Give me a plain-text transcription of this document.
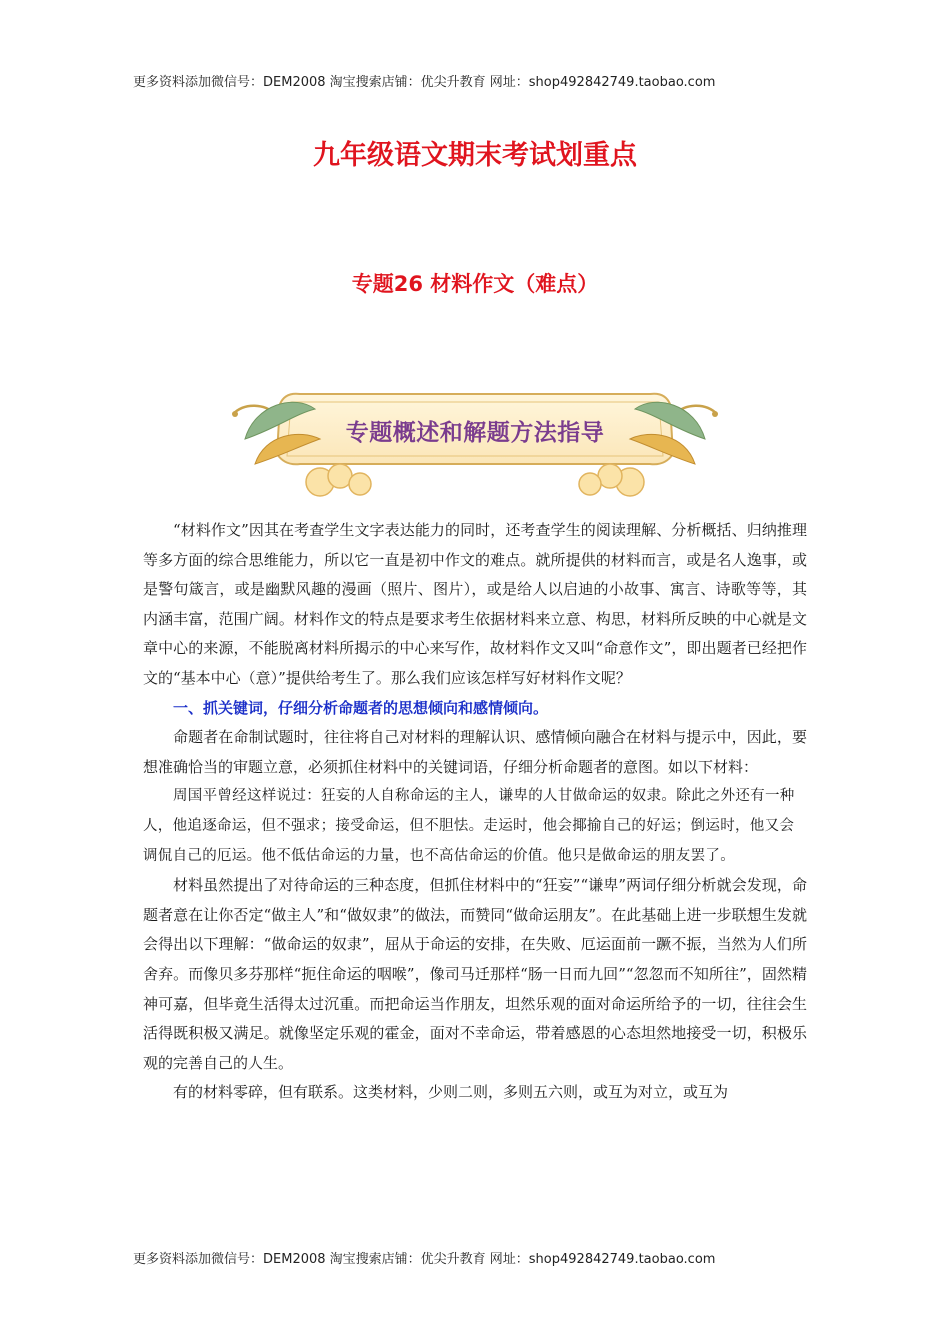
更多资料添加微信号：DEM2008 淘宝搜索店铺：优尖升教育 网址：shop492842749.taobao.com
九年级语文期末考试划重点
专题26 材料作文（难点）
专题概述和解题方法指导

“材料作文”因其在考查学生文字表达能力的同时，还考查学生的阅读理解、分析概括、归纳推理等多方面的综合思维能力，所以它一直是初中作文的难点。就所提供的材料而言，或是名人逸事，或是警句箴言，或是幽默风趣的漫画（照片、图片），或是给人以启迪的小故事、寓言、诗歌等等，其内涵丰富，范围广阔。材料作文的特点是要求考生依据材料来立意、构思，材料所反映的中心就是文章中心的来源，不能脱离材料所揭示的中心来写作，故材料作文又叫“命意作文”，即出题者已经把作文的“基本中心（意）”提供给考生了。那么我们应该怎样写好材料作文呢？

一、抓关键词，仔细分析命题者的思想倾向和感情倾向。

命题者在命制试题时，往往将自己对材料的理解认识、感情倾向融合在材料与提示中，因此，要想准确恰当的审题立意，必须抓住材料中的关键词语，仔细分析命题者的意图。如以下材料：

周国平曾经这样说过：狂妄的人自称命运的主人，谦卑的人甘做命运的奴隶。除此之外还有一种人，他追逐命运，但不强求；接受命运，但不胆怯。走运时，他会揶揄自己的好运；倒运时，他又会调侃自己的厄运。他不低估命运的力量，也不高估命运的价值。他只是做命运的朋友罢了。

材料虽然提出了对待命运的三种态度，但抓住材料中的“狂妄”“谦卑”两词仔细分析就会发现，命题者意在让你否定“做主人”和“做奴隶”的做法，而赞同“做命运朋友”。在此基础上进一步联想生发就会得出以下理解：“做命运的奴隶”，屈从于命运的安排，在失败、厄运面前一蹶不振，当然为人们所舍弃。而像贝多芬那样“扼住命运的咽喉”，像司马迁那样“肠一日而九回”“忽忽而不知所往”，固然精神可嘉，但毕竟生活得太过沉重。而把命运当作朋友，坦然乐观的面对命运所给予的一切，往往会生活得既积极又满足。就像坚定乐观的霍金，面对不幸命运，带着感恩的心态坦然地接受一切，积极乐观的完善自己的人生。

有的材料零碎，但有联系。这类材料，少则二则，多则五六则，或互为对立，或互为

更多资料添加微信号：DEM2008 淘宝搜索店铺：优尖升教育 网址：shop492842749.taobao.com
